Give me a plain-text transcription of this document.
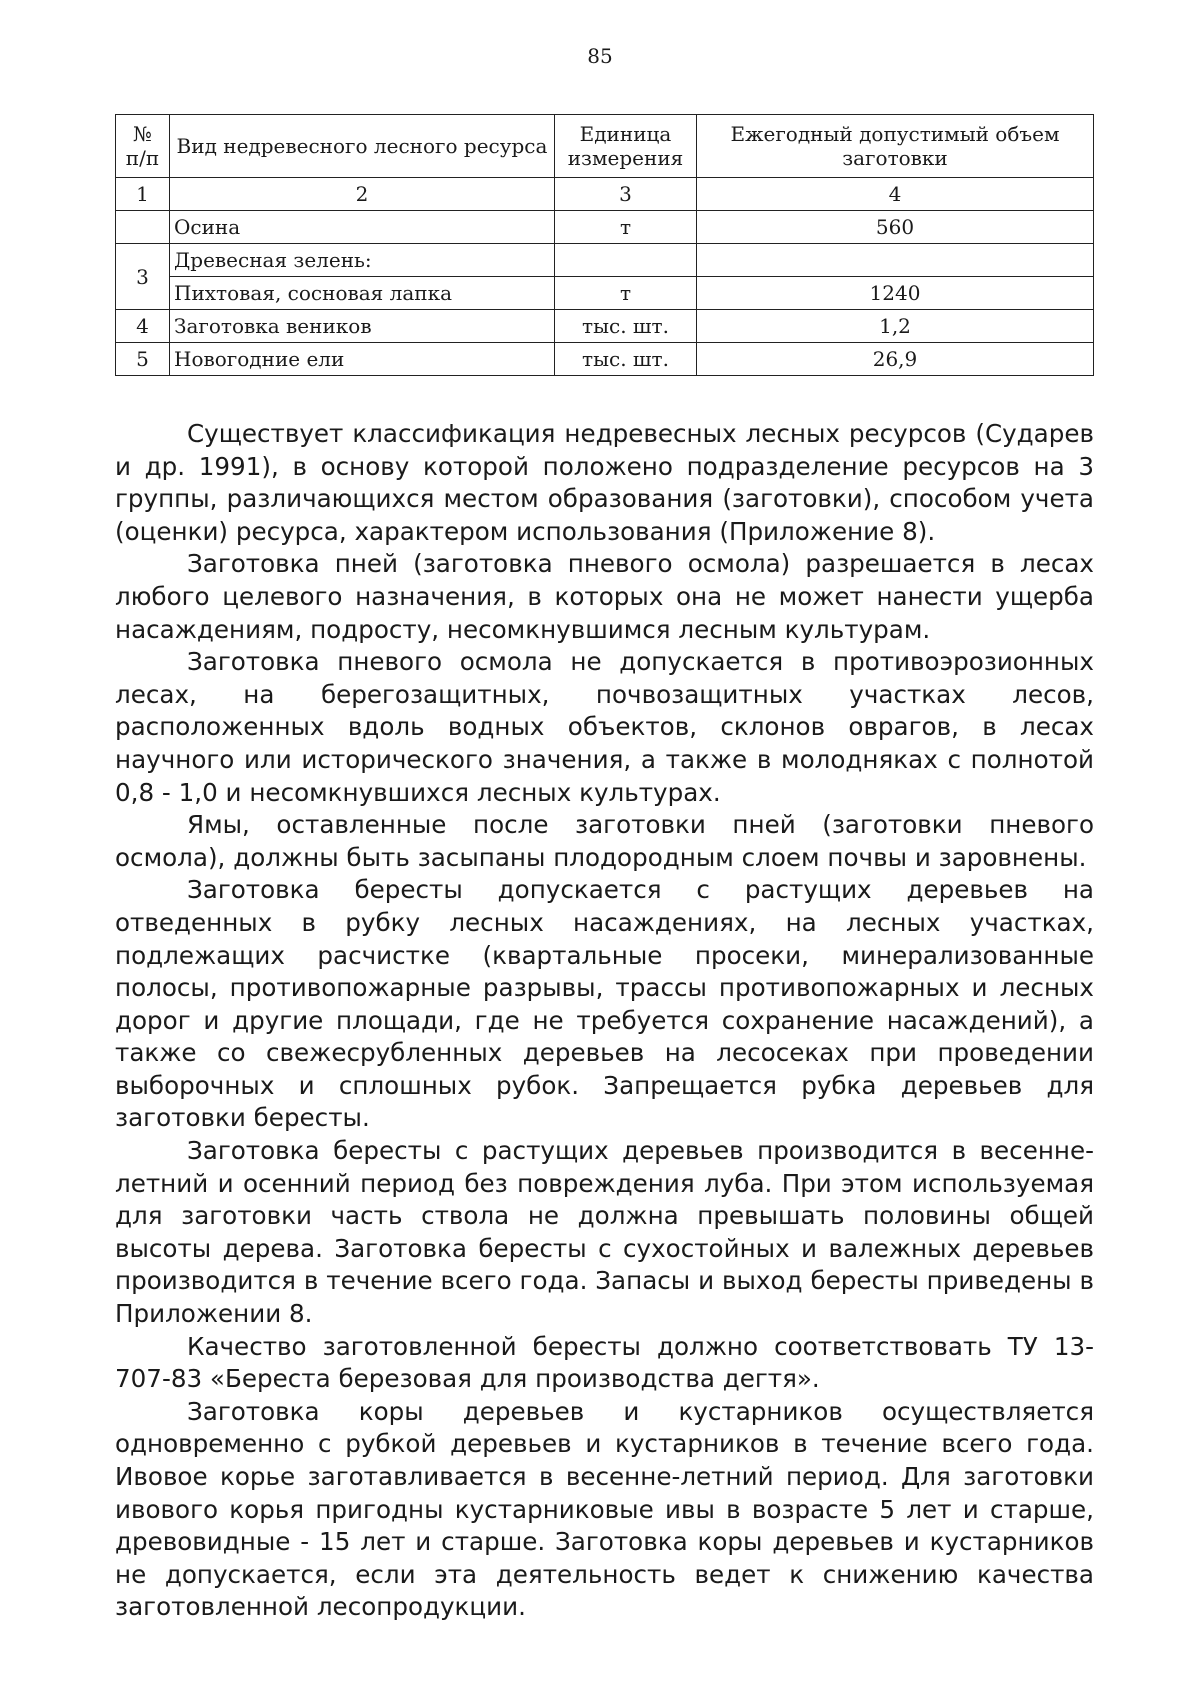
85
№ п/п	Вид недревесного лесного ресурса	Единица измерения	Ежегодный допустимый объем заготовки
1	2	3	4
	Осина	т	560
3	Древесная зелень:		
	Пихтовая, сосновая лапка	т	1240
4	Заготовка веников	тыс. шт.	1,2
5	Новогодние ели	тыс. шт.	26,9

Существует классификация недревесных лесных ресурсов (Сударев и др. 1991), в основу которой положено подразделение ресурсов на 3 группы, различающихся местом образования (заготовки), способом учета (оценки) ресурса, характером использования (Приложение 8).

Заготовка пней (заготовка пневого осмола) разрешается в лесах любого целевого назначения, в которых она не может нанести ущерба насаждениям, подросту, несомкнувшимся лесным культурам.

Заготовка пневого осмола не допускается в противоэрозионных лесах, на берегозащитных, почвозащитных участках лесов, расположенных вдоль водных объектов, склонов оврагов, в лесах научного или исторического значения, а также в молодняках с полнотой 0,8 - 1,0 и несомкнувшихся лесных культурах.

Ямы, оставленные после заготовки пней (заготовки пневого осмола), должны быть засыпаны плодородным слоем почвы и заровнены.

Заготовка бересты допускается с растущих деревьев на отведенных в рубку лесных насаждениях, на лесных участках, подлежащих расчистке (квартальные просеки, минерализованные полосы, противопожарные разрывы, трассы противопожарных и лесных дорог и другие площади, где не требуется сохранение насаждений), а также со свежесрубленных деревьев на лесосеках при проведении выборочных и сплошных рубок. Запрещается рубка деревьев для заготовки бересты.

Заготовка бересты с растущих деревьев производится в весенне-летний и осенний период без повреждения луба. При этом используемая для заготовки часть ствола не должна превышать половины общей высоты дерева. Заготовка бересты с сухостойных и валежных деревьев производится в течение всего года. Запасы и выход бересты приведены в Приложении 8.

Качество заготовленной бересты должно соответствовать ТУ 13-707-83 «Береста березовая для производства дегтя».

Заготовка коры деревьев и кустарников осуществляется одновременно с рубкой деревьев и кустарников в течение всего года. Ивовое корье заготавливается в весенне-летний период. Для заготовки ивового корья пригодны кустарниковые ивы в возрасте 5 лет и старше, древовидные - 15 лет и старше. Заготовка коры деревьев и кустарников не допускается, если эта деятельность ведет к снижению качества заготовленной лесопродукции.
